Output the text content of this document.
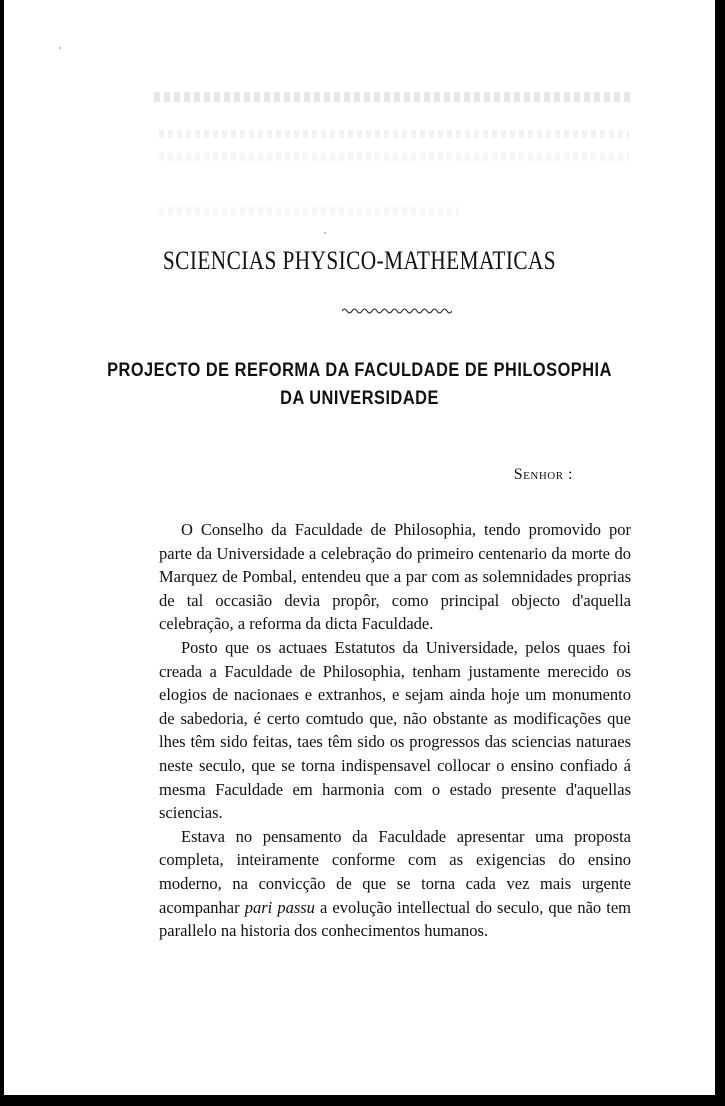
SCIENCIAS PHYSICO-MATHEMATICAS
PROJECTO DE REFORMA DA FACULDADE DE PHILOSOPHIA
DA UNIVERSIDADE
Senhor :

O Conselho da Faculdade de Philosophia, tendo promovido por parte da Universidade a celebração do primeiro centenario da morte do Marquez de Pombal, entendeu que a par com as solemnidades proprias de tal occasião devia propôr, como principal objecto d'aquella celebração, a reforma da dicta Faculdade.

Posto que os actuaes Estatutos da Universidade, pelos quaes foi creada a Faculdade de Philosophia, tenham justamente merecido os elogios de nacionaes e extranhos, e sejam ainda hoje um monumento de sabedoria, é certo comtudo que, não obstante as modificações que lhes têm sido feitas, taes têm sido os progressos das sciencias naturaes neste seculo, que se torna indispensavel collocar o ensino confiado á mesma Faculdade em harmonia com o estado presente d'aquellas sciencias.

Estava no pensamento da Faculdade apresentar uma proposta completa, inteiramente conforme com as exigencias do ensino moderno, na convicção de que se torna cada vez mais urgente acompanhar pari passu a evolução intellectual do seculo, que não tem parallelo na historia dos conhecimentos humanos.
